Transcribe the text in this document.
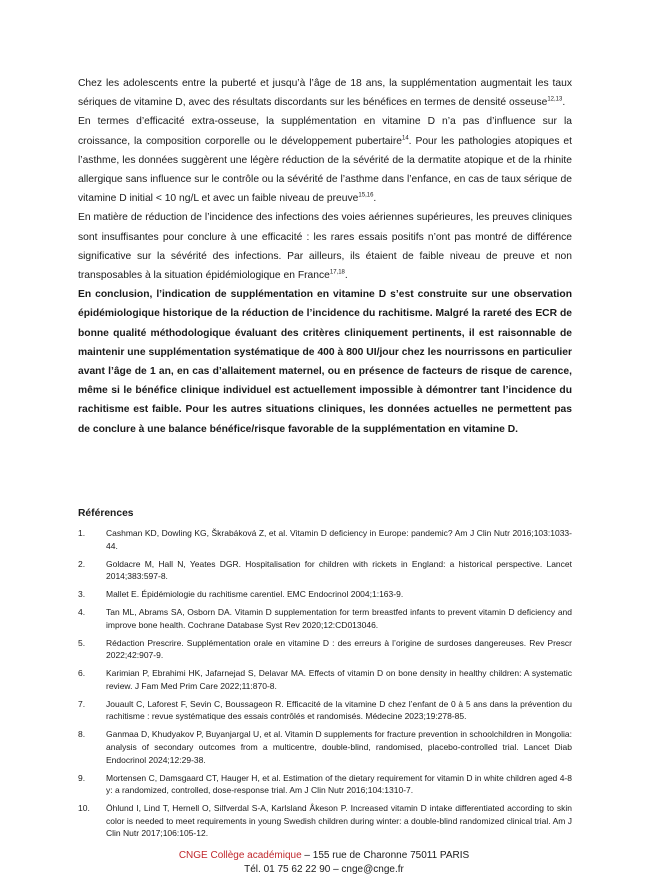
Chez les adolescents entre la puberté et jusqu’à l’âge de 18 ans, la supplémentation augmentait les taux sériques de vitamine D, avec des résultats discordants sur les bénéfices en termes de densité osseuse$^{12,13}$.

En termes d’efficacité extra-osseuse, la supplémentation en vitamine D n’a pas d’influence sur la croissance, la composition corporelle ou le développement pubertaire$^{14}$. Pour les pathologies atopiques et l’asthme, les données suggèrent une légère réduction de la sévérité de la dermatite atopique et de la rhinite allergique sans influence sur le contrôle ou la sévérité de l’asthme dans l’enfance, en cas de taux sérique de vitamine D initial < 10 ng/L et avec un faible niveau de preuve$^{15,16}$.

En matière de réduction de l’incidence des infections des voies aériennes supérieures, les preuves cliniques sont insuffisantes pour conclure à une efficacité : les rares essais positifs n’ont pas montré de différence significative sur la sévérité des infections. Par ailleurs, ils étaient de faible niveau de preuve et non transposables à la situation épidémiologique en France$^{17,18}$.

En conclusion, l’indication de supplémentation en vitamine D s’est construite sur une observation épidémiologique historique de la réduction de l’incidence du rachitisme. Malgré la rareté des ECR de bonne qualité méthodologique évaluant des critères cliniquement pertinents, il est raisonnable de maintenir une supplémentation systématique de 400 à 800 UI/jour chez les nourrissons en particulier avant l’âge de 1 an, en cas d’allaitement maternel, ou en présence de facteurs de risque de carence, même si le bénéfice clinique individuel est actuellement impossible à démontrer tant l’incidence du rachitisme est faible. Pour les autres situations cliniques, les données actuelles ne permettent pas de conclure à une balance bénéfice/risque favorable de la supplémentation en vitamine D.

Références
1.	Cashman KD, Dowling KG, Škrabáková Z, et al. Vitamin D deficiency in Europe: pandemic? Am J Clin Nutr 2016;103:1033-44.
2.	Goldacre M, Hall N, Yeates DGR. Hospitalisation for children with rickets in England: a historical perspective. Lancet 2014;383:597-8.
3.	Mallet E. Épidémiologie du rachitisme carentiel. EMC Endocrinol 2004;1:163-9.
4.	Tan ML, Abrams SA, Osborn DA. Vitamin D supplementation for term breastfed infants to prevent vitamin D deficiency and improve bone health. Cochrane Database Syst Rev 2020;12:CD013046.
5.	Rédaction Prescrire. Supplémentation orale en vitamine D : des erreurs à l’origine de surdoses dangereuses. Rev Prescr 2022;42:907-9.
6.	Karimian P, Ebrahimi HK, Jafarnejad S, Delavar MA. Effects of vitamin D on bone density in healthy children: A systematic review. J Fam Med Prim Care 2022;11:870-8.
7.	Jouault C, Laforest F, Sevin C, Boussageon R. Efficacité de la vitamine D chez l’enfant de 0 à 5 ans dans la prévention du rachitisme : revue systématique des essais contrôlés et randomisés. Médecine 2023;19:278-85.
8.	Ganmaa D, Khudyakov P, Buyanjargal U, et al. Vitamin D supplements for fracture prevention in schoolchildren in Mongolia: analysis of secondary outcomes from a multicentre, double-blind, randomised, placebo-controlled trial. Lancet Diab Endocrinol 2024;12:29-38.
9.	Mortensen C, Damsgaard CT, Hauger H, et al. Estimation of the dietary requirement for vitamin D in white children aged 4-8 y: a randomized, controlled, dose-response trial. Am J Clin Nutr 2016;104:1310-7.
10.	Öhlund I, Lind T, Hernell O, Silfverdal S-A, Karlsland Åkeson P. Increased vitamin D intake differentiated according to skin color is needed to meet requirements in young Swedish children during winter: a double-blind randomized clinical trial. Am J Clin Nutr 2017;106:105-12.
CNGE Collège académique – 155 rue de Charonne 75011 PARIS
Tél. 01 75 62 22 90 – cnge@cnge.fr
